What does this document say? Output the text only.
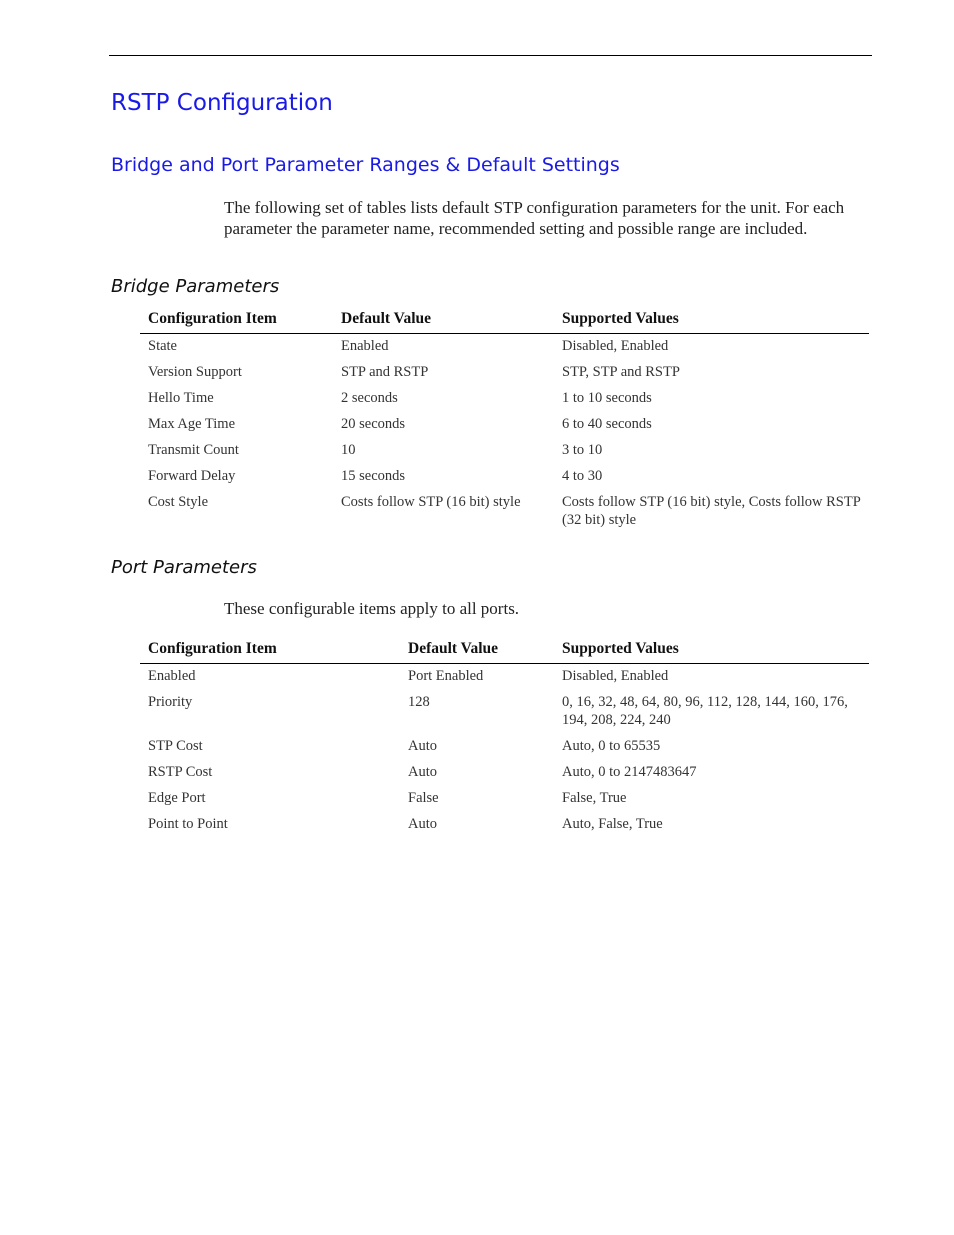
RSTP Configuration
Bridge and Port Parameter Ranges & Default Settings

The following set of tables lists default STP configuration parameters for the unit. For each parameter the parameter name, recommended setting and possible range are included.

Bridge Parameters
Configuration Item	Default Value	Supported Values
State	Enabled	Disabled, Enabled
Version Support	STP and RSTP	STP, STP and RSTP
Hello Time	2 seconds	1 to 10 seconds
Max Age Time	20 seconds	6 to 40 seconds
Transmit Count	10	3 to 10
Forward Delay	15 seconds	4 to 30
Cost Style	Costs follow STP (16 bit) style	Costs follow STP (16 bit) style, Costs follow RSTP (32 bit) style
Port Parameters

These configurable items apply to all ports.

Configuration Item	Default Value	Supported Values
Enabled	Port Enabled	Disabled, Enabled
Priority	128	0, 16, 32, 48, 64, 80, 96, 112, 128, 144, 160, 176, 194, 208, 224, 240
STP Cost	Auto	Auto, 0 to 65535
RSTP Cost	Auto	Auto, 0 to 2147483647
Edge Port	False	False, True
Point to Point	Auto	Auto, False, True
